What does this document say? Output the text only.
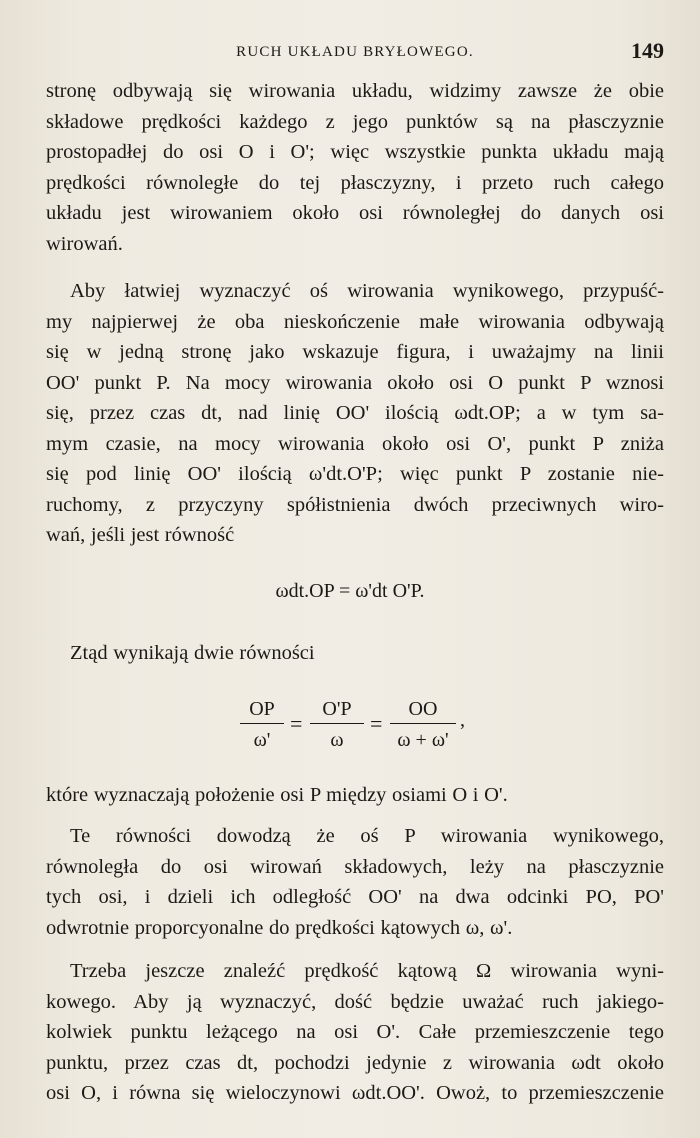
RUCH UKŁADU BRYŁOWEGO.	149
stronę odbywają się wirowania układu, widzimy zawsze że obie
składowe prędkości każdego z jego punktów są na płasczyznie
prostopadłej do osi O i O'; więc wszystkie punkta układu mają
prędkości równoległe do tej płasczyzny, i przeto ruch całego
układu jest wirowaniem około osi równoległej do danych osi
wirowań.
Aby łatwiej wyznaczyć oś wirowania wynikowego, przypuść-
my najpierwej że oba nieskończenie małe wirowania odbywają
się w jedną stronę jako wskazuje figura, i uważajmy na linii
OO' punkt P. Na mocy wirowania około osi O punkt P wznosi
się, przez czas dt, nad linię OO' ilością ωdt.OP; a w tym sa-
mym czasie, na mocy wirowania około osi O', punkt P zniża
się pod linię OO' ilością ω'dt.O'P; więc punkt P zostanie nie-
ruchomy, z przyczyny spółistnienia dwóch przeciwnych wiro-
wań, jeśli jest równość
ωdt.OP = ω'dt O'P.
Ztąd wynikają dwie równości
OP
ω'
=
O'P
ω
=
OO
ω + ω'
,
które wyznaczają położenie osi P między osiami O i O'.
Te równości dowodzą że oś P wirowania wynikowego,
równoległa do osi wirowań składowych, leży na płasczyznie
tych osi, i dzieli ich odległość OO' na dwa odcinki PO, PO'
odwrotnie proporcyonalne do prędkości kątowych ω, ω'.
Trzeba jeszcze znaleźć prędkość kątową Ω wirowania wyni-
kowego. Aby ją wyznaczyć, dość będzie uważać ruch jakiego-
kolwiek punktu leżącego na osi O'. Całe przemieszczenie tego
punktu, przez czas dt, pochodzi jedynie z wirowania ωdt około
osi O, i równa się wieloczynowi ωdt.OO'. Owoż, to przemieszczenie
